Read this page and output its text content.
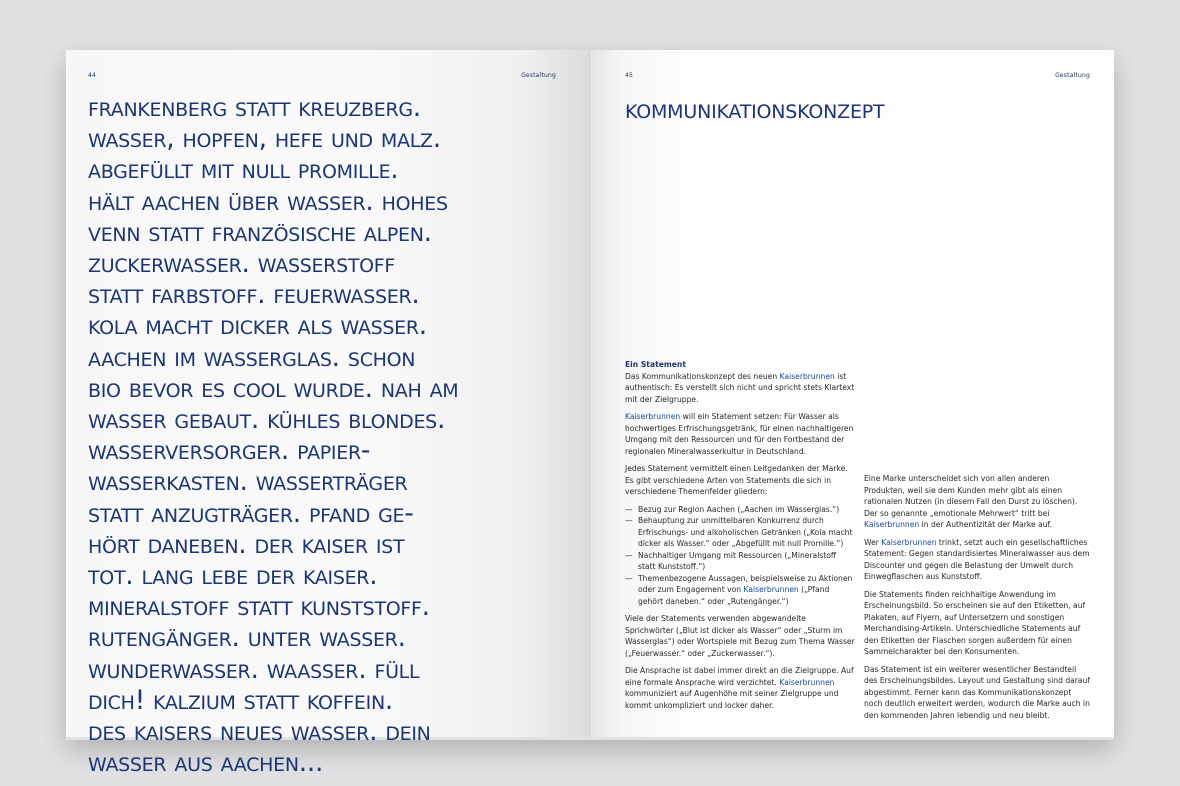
44	Gestaltung
frankenberg statt kreuzberg.
wasser, hopfen, hefe und malz.
abgefüllt mit null promille.
hält aachen über wasser. hohes
venn statt französische alpen.
zuckerwasser. wasserstoff
statt farbstoff. feuerwasser.
kola macht dicker als wasser.
aachen im wasserglas. schon
bio bevor es cool wurde. nah am
wasser gebaut. kühles blondes.
wasserversorger. papier-
wasserkasten. wasserträger
statt anzugträger. pfand ge-
hört daneben. der kaiser ist
tot. lang lebe der kaiser.
mineralstoff statt kunststoff.
rutengänger. unter wasser.
wunderwasser. waasser. füll
dich! kalzium statt koffein.
des kaisers neues wasser. dein
wasser aus aachen...
45	Gestaltung
kommunikationskonzept

Ein Statement

Das Kommunikationskonzept des neuen Kaiserbrunnen ist authentisch: Es verstellt sich nicht und spricht stets Klartext mit der Zielgruppe.

Kaiserbrunnen will ein Statement setzen: Für Wasser als hochwertiges Erfrischungsgetränk, für einen nachhaltigeren Umgang mit den Ressourcen und für den Fortbestand der regionalen Mineralwasserkultur in Deutschland.

Jedes Statement vermittelt einen Leitgedanken der Marke. Es gibt verschiedene Arten von Statements die sich in verschiedene Themenfelder gliedern:

— Bezug zur Region Aachen („Aachen im Wasserglas.“)
— Behauptung zur unmittelbaren Konkurrenz durch Erfrischungs- und alkoholischen Getränken („Kola macht dicker als Wasser.“ oder „Abgefüllt mit null Promille.“)
— Nachhaltiger Umgang mit Ressourcen („Mineralstoff statt Kunststoff.“)
— Themenbezogene Aussagen, beispielsweise zu Aktionen oder zum Engagement von Kaiserbrunnen („Pfand gehört daneben.“ oder „Rutengänger.“)

Viele der Statements verwenden abgewandelte Sprichwörter („Blut ist dicker als Wasser“ oder „Sturm im Wasserglas“) oder Wortspiele mit Bezug zum Thema Wasser („Feuerwasser.“ oder „Zuckerwasser.“).

Die Ansprache ist dabei immer direkt an die Zielgruppe. Auf eine formale Ansprache wird verzichtet. Kaiserbrunnen kommuniziert auf Augenhöhe mit seiner Zielgruppe und kommt unkompliziert und locker daher.

Eine Marke unterscheidet sich von allen anderen Produkten, weil sie dem Kunden mehr gibt als einen rationalen Nutzen (in diesem Fall den Durst zu löschen). Der so genannte „emotionale Mehrwert“ tritt bei Kaiserbrunnen in der Authentizität der Marke auf.

Wer Kaiserbrunnen trinkt, setzt auch ein gesellschaftliches Statement: Gegen standardisiertes Mineralwasser aus dem Discounter und gegen die Belastung der Umwelt durch Einwegflaschen aus Kunststoff.

Die Statements finden reichhaltige Anwendung im Erscheinungsbild. So erscheinen sie auf den Etiketten, auf Plakaten, auf Flyern, auf Untersetzern und sonstigen Merchandising-Artikeln. Unterschiedliche Statements auf den Etiketten der Flaschen sorgen außerdem für einen Sammelcharakter bei den Konsumenten.

Das Statement ist ein weiterer wesentlicher Bestandteil des Erscheinungsbildes. Layout und Gestaltung sind darauf abgestimmt. Ferner kann das Kommunikationskonzept noch deutlich erweitert werden, wodurch die Marke auch in den kommenden Jahren lebendig und neu bleibt.
